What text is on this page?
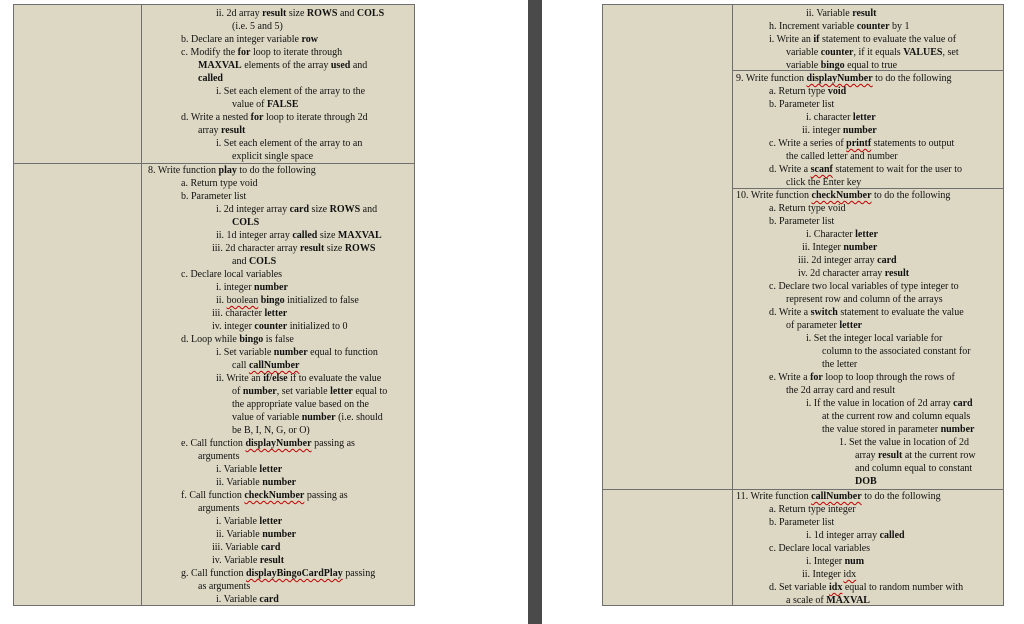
ii. 2d array result size ROWS and COLS
(i.e. 5 and 5)
b. Declare an integer variable row
c. Modify the for loop to iterate through
MAXVAL elements of the array used and
called
i. Set each element of the array to the
value of FALSE
d. Write a nested for loop to iterate through 2d
array result
i. Set each element of the array to an
explicit single space
8. Write function play to do the following
a. Return type void
b. Parameter list
i. 2d integer array card size ROWS and
COLS
ii. 1d integer array called size MAXVAL
iii. 2d character array result size ROWS
and COLS
c. Declare local variables
i. integer number
ii. boolean bingo initialized to false
iii. character letter
iv. integer counter initialized to 0
d. Loop while bingo is false
i. Set variable number equal to function
call callNumber
ii. Write an if/else if to evaluate the value
of number, set variable letter equal to
the appropriate value based on the
value of variable number (i.e. should
be B, I, N, G, or O)
e. Call function displayNumber passing as
arguments
i. Variable letter
ii. Variable number
f. Call function checkNumber passing as
arguments
i. Variable letter
ii. Variable number
iii. Variable card
iv. Variable result
g. Call function displayBingoCardPlay passing
as arguments
i. Variable card
ii. Variable result
h. Increment variable counter by 1
i. Write an if statement to evaluate the value of
variable counter, if it equals VALUES, set
variable bingo equal to true
9. Write function displayNumber to do the following
a. Return type void
b. Parameter list
i. character letter
ii. integer number
c. Write a series of printf statements to output
the called letter and number
d. Write a scanf statement to wait for the user to
click the Enter key
10. Write function checkNumber to do the following
a. Return type void
b. Parameter list
i. Character letter
ii. Integer number
iii. 2d integer array card
iv. 2d character array result
c. Declare two local variables of type integer to
represent row and column of the arrays
d. Write a switch statement to evaluate the value
of parameter letter
i. Set the integer local variable for
column to the associated constant for
the letter
e. Write a for loop to loop through the rows of
the 2d array card and result
i. If the value in location of 2d array card
at the current row and column equals
the value stored in parameter number
1. Set the value in location of 2d
array result at the current row
and column equal to constant
DOB
11. Write function callNumber to do the following
a. Return type integer
b. Parameter list
i. 1d integer array called
c. Declare local variables
i. Integer num
ii. Integer idx
d. Set variable idx equal to random number with
a scale of MAXVAL
